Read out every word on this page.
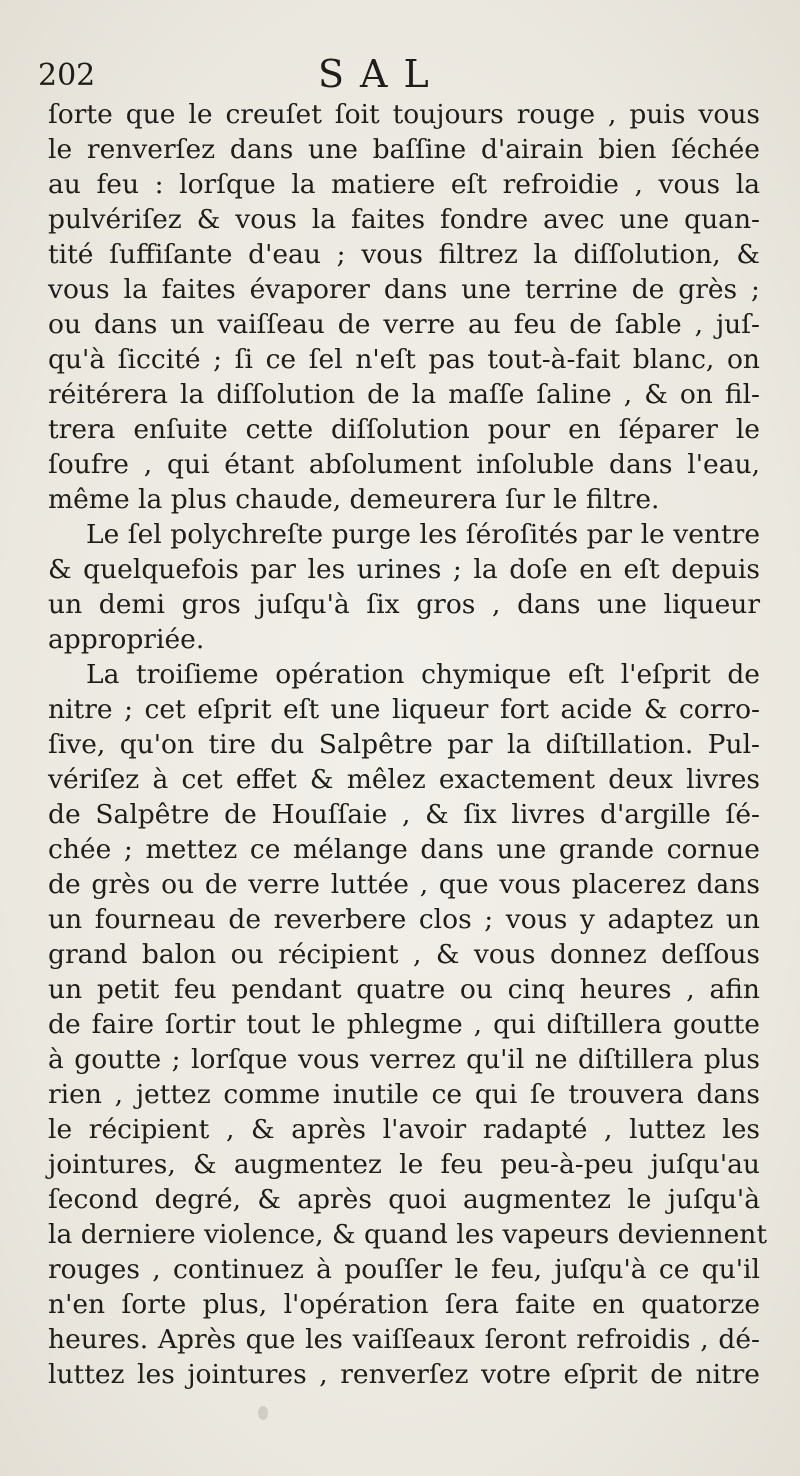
202	SAL
ſorte que le creuſet ſoit toujours rouge , puis vous
le renverſez dans une baſſine d'airain bien ſéchée
au feu : lorſque la matiere eſt refroidie , vous la
pulvériſez & vous la faites fondre avec une quan-
tité ſuffiſante d'eau ; vous filtrez la diſſolution, &
vous la faites évaporer dans une terrine de grès ;
ou dans un vaiſſeau de verre au feu de ſable , juſ-
qu'à ſiccité ; ſi ce ſel n'eſt pas tout-à-fait blanc, on
réitérera la diſſolution de la maſſe ſaline , & on fil-
trera enſuite cette diſſolution pour en ſéparer le
ſoufre , qui étant abſolument inſoluble dans l'eau,
même la plus chaude, demeurera ſur le filtre.
Le ſel polychreſte purge les ſéroſités par le ventre
& quelquefois par les urines ; la doſe en eſt depuis
un demi gros juſqu'à ſix gros , dans une liqueur
appropriée.
La troiſieme opération chymique eſt l'eſprit de
nitre ; cet eſprit eſt une liqueur fort acide & corro-
ſive, qu'on tire du Salpêtre par la diſtillation. Pul-
vériſez à cet effet & mêlez exactement deux livres
de Salpêtre de Houſſaie , & ſix livres d'argille ſé-
chée ; mettez ce mélange dans une grande cornue
de grès ou de verre luttée , que vous placerez dans
un fourneau de reverbere clos ; vous y adaptez un
grand balon ou récipient , & vous donnez deſſous
un petit feu pendant quatre ou cinq heures , afin
de faire ſortir tout le phlegme , qui diſtillera goutte
à goutte ; lorſque vous verrez qu'il ne diſtillera plus
rien , jettez comme inutile ce qui ſe trouvera dans
le récipient , & après l'avoir radapté , luttez les
jointures, & augmentez le feu peu-à-peu juſqu'au
ſecond degré, & après quoi augmentez le juſqu'à
la derniere violence, & quand les vapeurs deviennent
rouges , continuez à pouſſer le feu, juſqu'à ce qu'il
n'en ſorte plus, l'opération ſera faite en quatorze
heures. Après que les vaiſſeaux ſeront refroidis , dé-
luttez les jointures , renverſez votre eſprit de nitre
